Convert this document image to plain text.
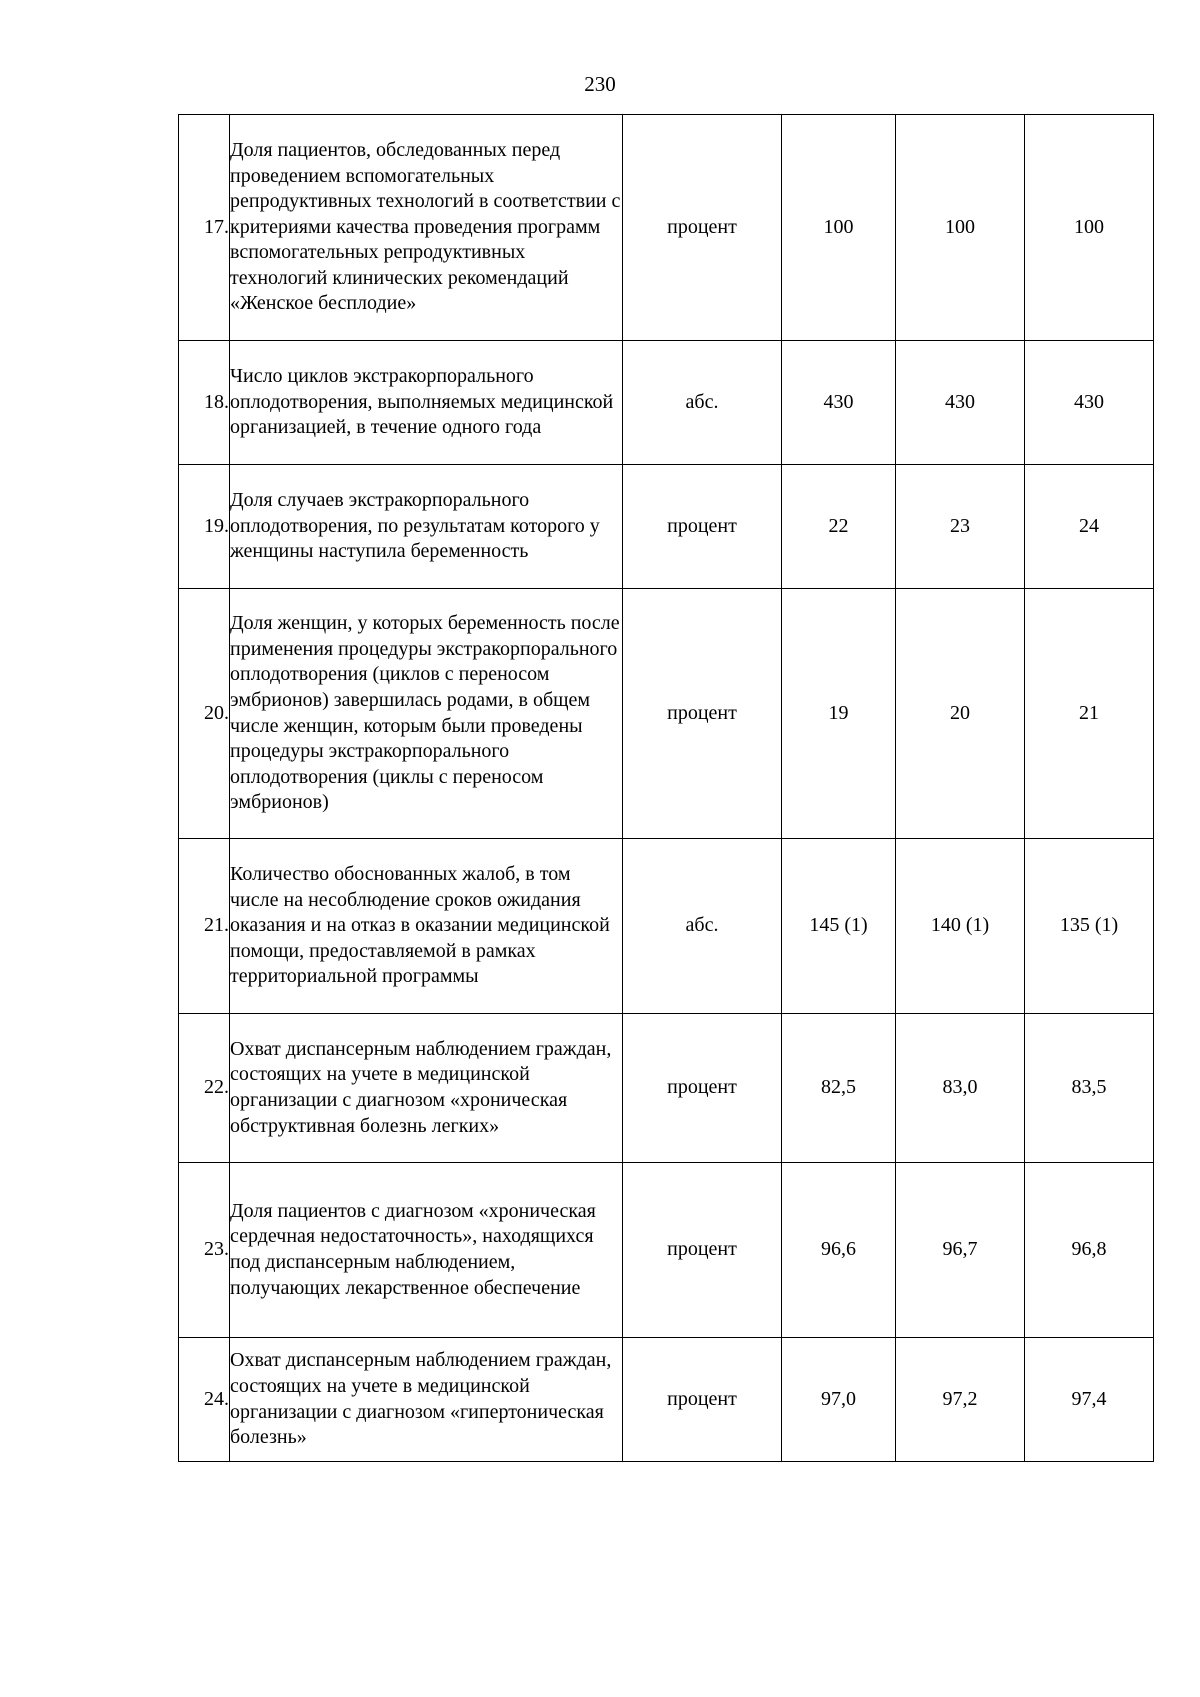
230
17.	Доля пациентов, обследованных перед проведением вспомогательных репродуктивных технологий в соответствии с критериями качества проведения программ вспомогательных репродуктивных технологий клинических рекомендаций «Женское бесплодие»	процент	100	100	100
18.	Число циклов экстракорпорального оплодотворения, выполняемых медицинской организацией, в течение одного года	абс.	430	430	430
19.	Доля случаев экстракорпорального оплодотворения, по результатам которого у женщины наступила беременность	процент	22	23	24
20.	Доля женщин, у которых беременность после применения процедуры экстракорпорального оплодотворения (циклов с переносом эмбрионов) завершилась родами, в общем числе женщин, которым были проведены процедуры экстракорпорального оплодотворения (циклы с переносом эмбрионов)	процент	19	20	21
21.	Количество обоснованных жалоб, в том числе на несоблюдение сроков ожидания оказания и на отказ в оказании медицинской помощи, предоставляемой в рамках территориальной программы	абс.	145 (1)	140 (1)	135 (1)
22.	Охват диспансерным наблюдением граждан, состоящих на учете в медицинской организации с диагнозом «хроническая обструктивная болезнь легких»	процент	82,5	83,0	83,5
23.	Доля пациентов с диагнозом «хроническая сердечная недостаточность», находящихся под диспансерным наблюдением, получающих лекарственное обеспечение	процент	96,6	96,7	96,8
24.	Охват диспансерным наблюдением граждан, состоящих на учете в медицинской организации с диагнозом «гипертоническая болезнь»	процент	97,0	97,2	97,4
